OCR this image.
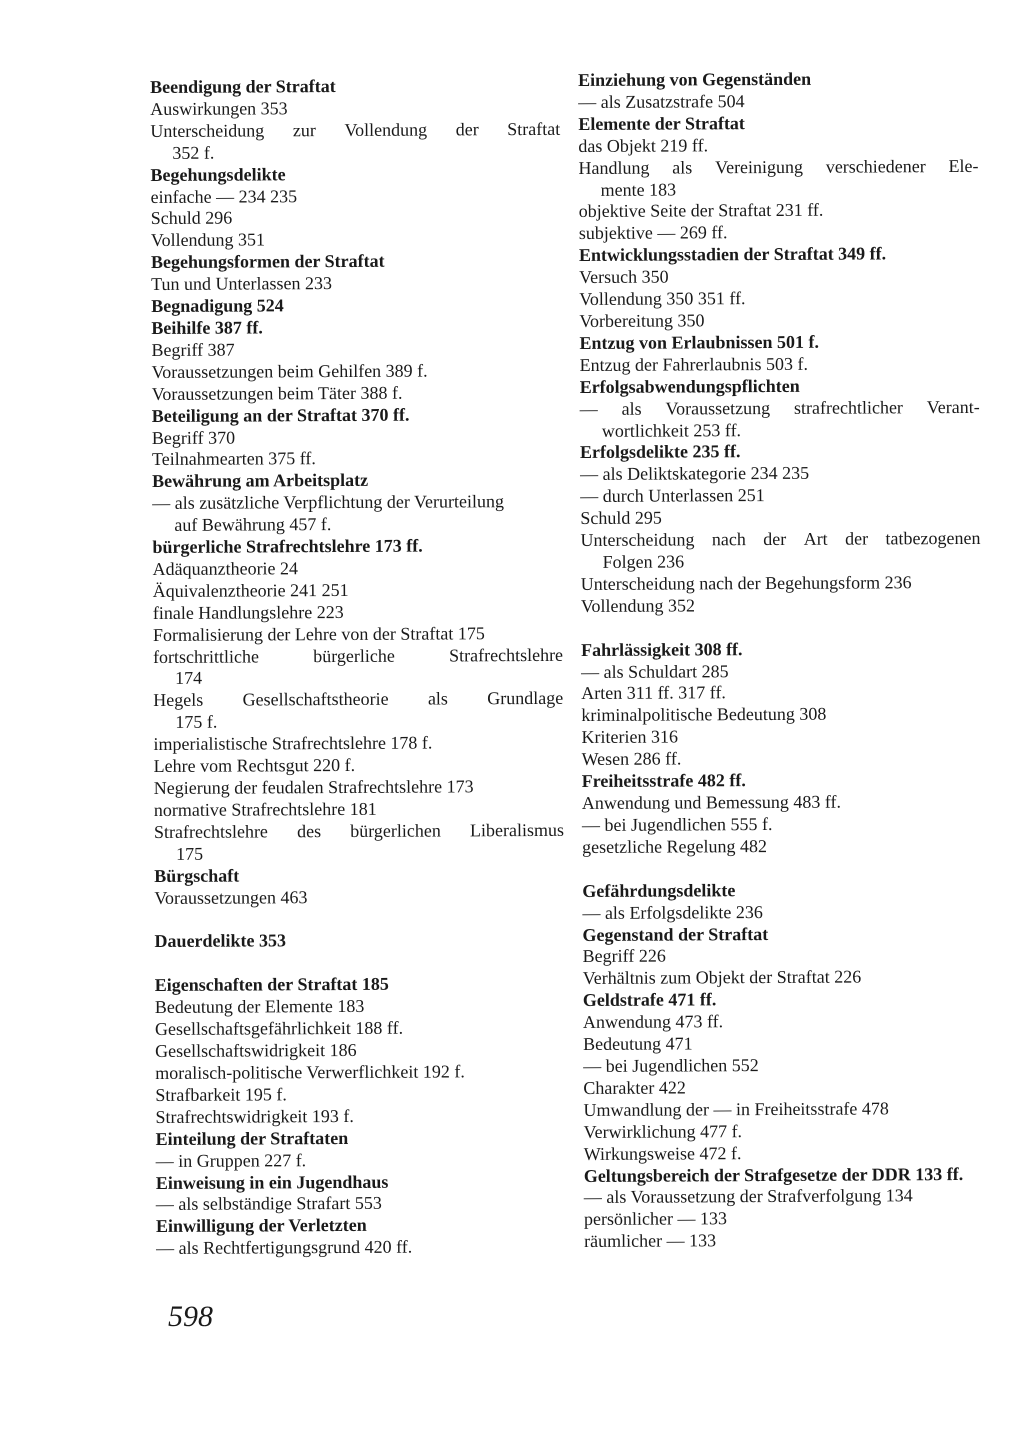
Beendigung der Straftat
Auswirkungen 353
Unterscheidung zur Vollendung der Straftat
352 f.
Begehungsdelikte
einfache — 234 235
Schuld 296
Vollendung 351
Begehungsformen der Straftat
Tun und Unterlassen 233
Begnadigung 524
Beihilfe 387 ff.
Begriff 387
Voraussetzungen beim Gehilfen 389 f.
Voraussetzungen beim Täter 388 f.
Beteiligung an der Straftat 370 ff.
Begriff 370
Teilnahmearten 375 ff.
Bewährung am Arbeitsplatz
— als zusätzliche Verpflichtung der Verurteilung
auf Bewährung 457 f.
bürgerliche Strafrechtslehre 173 ff.
Adäquanztheorie 24
Äquivalenztheorie 241 251
finale Handlungslehre 223
Formalisierung der Lehre von der Straftat 175
fortschrittliche	bürgerliche	Strafrechtslehre
174
Hegels Gesellschaftstheorie als Grundlage
175 f.
imperialistische Strafrechtslehre 178 f.
Lehre vom Rechtsgut 220 f.
Negierung der feudalen Strafrechtslehre 173
normative Strafrechtslehre 181
Strafrechtslehre des bürgerlichen Liberalismus
175
Bürgschaft
Voraussetzungen 463
Dauerdelikte 353
Eigenschaften der Straftat 185
Bedeutung der Elemente 183
Gesellschaftsgefährlichkeit 188 ff.
Gesellschaftswidrigkeit 186
moralisch-politische Verwerflichkeit 192 f.
Strafbarkeit 195 f.
Strafrechtswidrigkeit 193 f.
Einteilung der Straftaten
— in Gruppen 227 f.
Einweisung in ein Jugendhaus
— als selbständige Strafart 553
Einwilligung der Verletzten
— als Rechtfertigungsgrund 420 ff.
Einziehung von Gegenständen
— als Zusatzstrafe 504
Elemente der Straftat
das Objekt 219 ff.
Handlung als Vereinigung verschiedener Ele-
mente 183
objektive Seite der Straftat 231 ff.
subjektive — 269 ff.
Entwicklungsstadien der Straftat 349 ff.
Versuch 350
Vollendung 350 351 ff.
Vorbereitung 350
Entzug von Erlaubnissen 501 f.
Entzug der Fahrerlaubnis 503 f.
Erfolgsabwendungspflichten
— als Voraussetzung strafrechtlicher Verant-
wortlichkeit 253 ff.
Erfolgsdelikte 235 ff.
— als Deliktskategorie 234 235
— durch Unterlassen 251
Schuld 295
Unterscheidung nach der Art der tatbezogenen
Folgen 236
Unterscheidung nach der Begehungsform 236
Vollendung 352
Fahrlässigkeit 308 ff.
— als Schuldart 285
Arten 311 ff. 317 ff.
kriminalpolitische Bedeutung 308
Kriterien 316
Wesen 286 ff.
Freiheitsstrafe 482 ff.
Anwendung und Bemessung 483 ff.
— bei Jugendlichen 555 f.
gesetzliche Regelung 482
Gefährdungsdelikte
— als Erfolgsdelikte 236
Gegenstand der Straftat
Begriff 226
Verhältnis zum Objekt der Straftat 226
Geldstrafe 471 ff.
Anwendung 473 ff.
Bedeutung 471
— bei Jugendlichen 552
Charakter 422
Umwandlung der — in Freiheitsstrafe 478
Verwirklichung 477 f.
Wirkungsweise 472 f.
Geltungsbereich der Strafgesetze der DDR 133 ff.
— als Voraussetzung der Strafverfolgung 134
persönlicher — 133
räumlicher — 133
598
